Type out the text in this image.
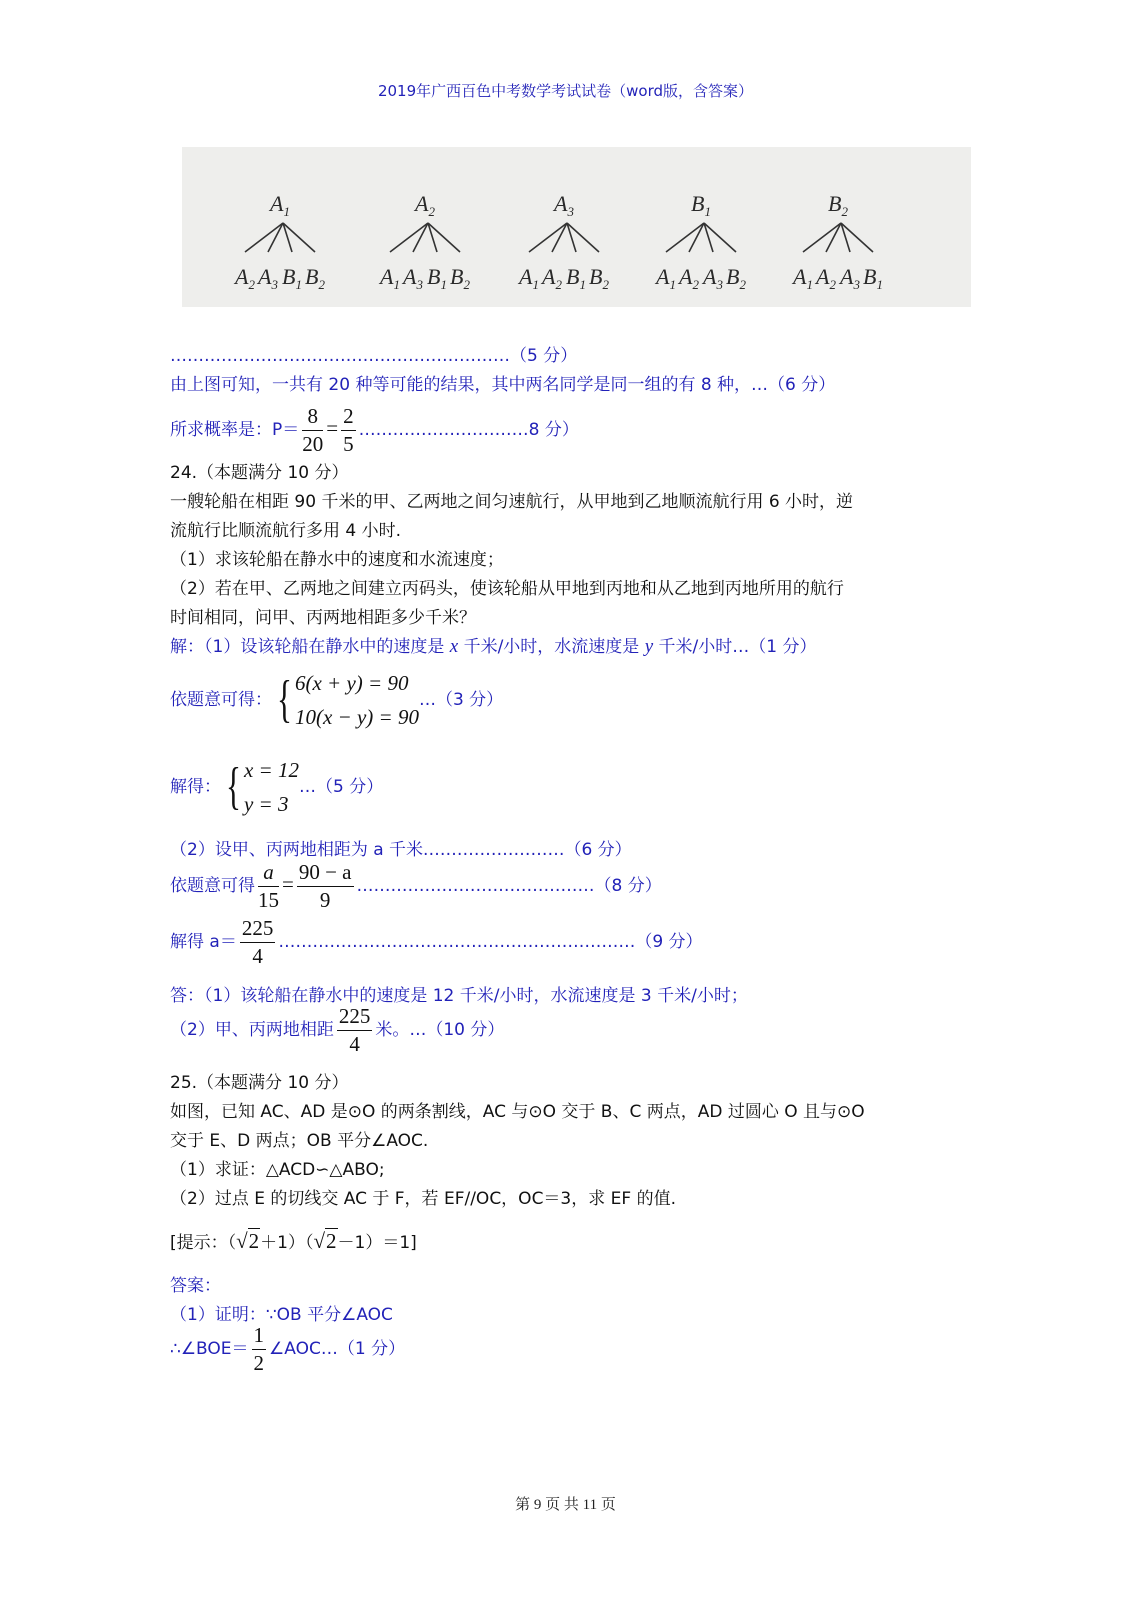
2019年广西百色中考数学考试试卷（word版，含答案）
$A_1$
$A_2$ $A_3$ $B_1$ $B_2$
$A_2$
$A_1$ $A_3$ $B_1$ $B_2$
$A_3$
$A_1$ $A_2$ $B_1$ $B_2$
$B_1$
$A_1$ $A_2$ $A_3$ $B_2$
$B_2$
$A_1$ $A_2$ $A_3$ $B_1$
……………………………………………………（5 分）
由上图可知，一共有 20 种等可能的结果，其中两名同学是同一组的有 8 种，…（6 分）
所求概率是：$P= \frac{8}{20} = \frac{2}{5}$ …………………………8 分）
24.（本题满分 10 分）
一艘轮船在相距 90 千米的甲、乙两地之间匀速航行，从甲地到乙地顺流航行用 6 小时，逆
流航行比顺流航行多用 4 小时.
（1）求该轮船在静水中的速度和水流速度；
（2）若在甲、乙两地之间建立丙码头，使该轮船从甲地到丙地和从乙地到丙地所用的航行
时间相同，问甲、丙两地相距多少千米？
解：（1）设该轮船在静水中的速度是 x 千米/小时，水流速度是 y 千米/小时…（1 分）
依题意可得： { 6(x + y) = 90
10(x − y) = 90
…（3 分）
解得： { x = 12
y = 3
…（5 分）
（2）设甲、丙两地相距为 a 千米.……………………（6 分）
依题意可得 $\frac{a}{15} = \frac{90 - a}{9}$ ……………………………………（8 分）
解得 $a= \frac{225}{4}$ ………………………………………………………（9 分）
答：（1）该轮船在静水中的速度是 12 千米/小时，水流速度是 3 千米/小时；
（2）甲、丙两地相距 $\frac{225}{4}$ 米。…（10 分）
25.（本题满分 10 分）
如图，已知 AC、AD 是⊙O 的两条割线，AC 与⊙O 交于 B、C 两点，AD 过圆心 O 且与⊙O
交于 E、D 两点；OB 平分∠AOC.
（1）求证：△ACD∽△ABO;
（2）过点 E 的切线交 AC 于 F，若 EF//OC，OC＝3，求 EF 的值.
[提示：（√2＋1）（√2－1）＝1]
答案：
（1）证明：∵OB 平分∠AOC
∴∠BOE＝ $\frac{1}{2}$ ∠AOC…（1 分）
第 9 页 共 11 页
